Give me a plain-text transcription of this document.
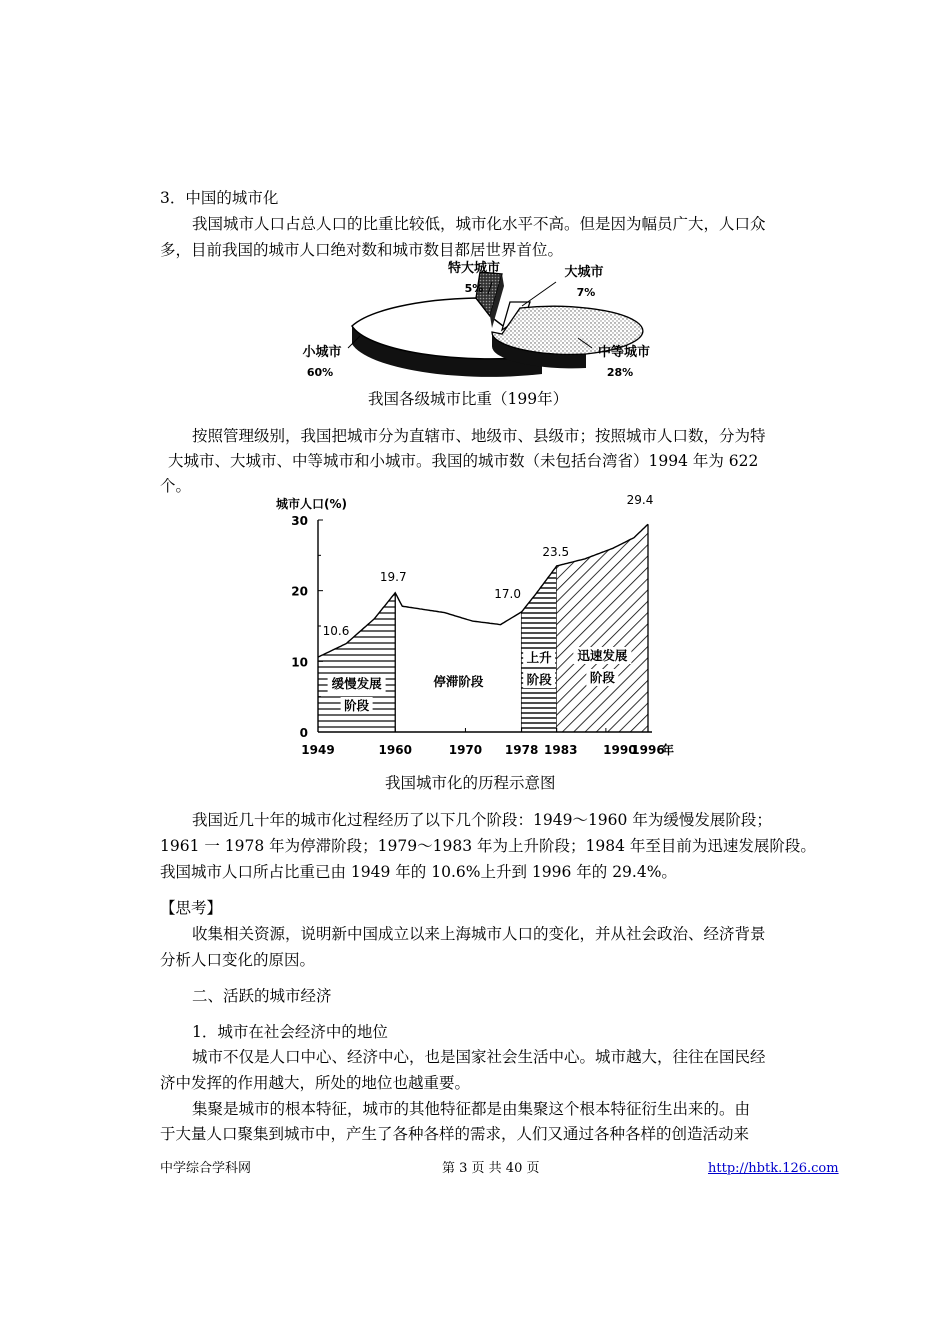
3．中国的城市化
我国城市人口占总人口的比重比较低，城市化水平不高。但是因为幅员广大，人口众
多，目前我国的城市人口绝对数和城市数目都居世界首位。
特大城市
5%
大城市
7%
中等城市
28%
小城市
60%
我国各级城市比重（199年）
按照管理级别，我国把城市分为直辖市、地级市、县级市；按照城市人口数，分为特
大城市、大城市、中等城市和小城市。我国的城市数（未包括台湾省）1994 年为 622
个。
0
10
20
30
1949	1960	1970 1978 1983 1990
1996
年
10.6
19.7
17.0
23.5
29.4
缓慢发展
阶段
停滞阶段
上升
阶段
迅速发展
阶段
城市人口(%)
我国城市化的历程示意图
我国近几十年的城市化过程经历了以下几个阶段：1949～1960 年为缓慢发展阶段；
1961 一 1978 年为停滞阶段；1979～1983 年为上升阶段；1984 年至目前为迅速发展阶段。
我国城市人口所占比重已由 1949 年的 10.6%上升到 1996 年的 29.4%。
【思考】
收集相关资源，说明新中国成立以来上海城市人口的变化，并从社会政治、经济背景
分析人口变化的原因。
二、活跃的城市经济
1．城市在社会经济中的地位
城市不仅是人口中心、经济中心，也是国家社会生活中心。城市越大，往往在国民经
济中发挥的作用越大，所处的地位也越重要。
集聚是城市的根本特征，城市的其他特征都是由集聚这个根本特征衍生出来的。由
于大量人口聚集到城市中，产生了各种各样的需求，人们又通过各种各样的创造活动来
中学综合学科网	第 3 页 共 40 页	http://hbtk.126.com
